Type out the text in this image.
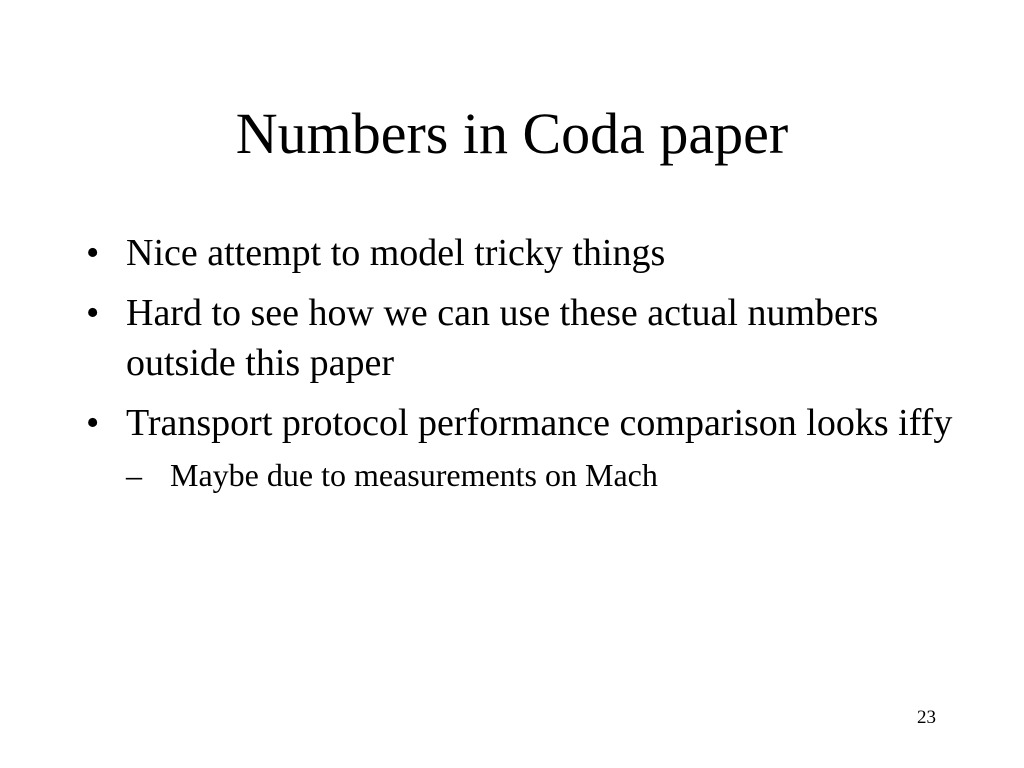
Numbers in Coda paper
• Nice attempt to model tricky things
• Hard to see how we can use these actual numbers outside this paper
• Transport protocol performance comparison looks iffy
– Maybe due to measurements on Mach
23
